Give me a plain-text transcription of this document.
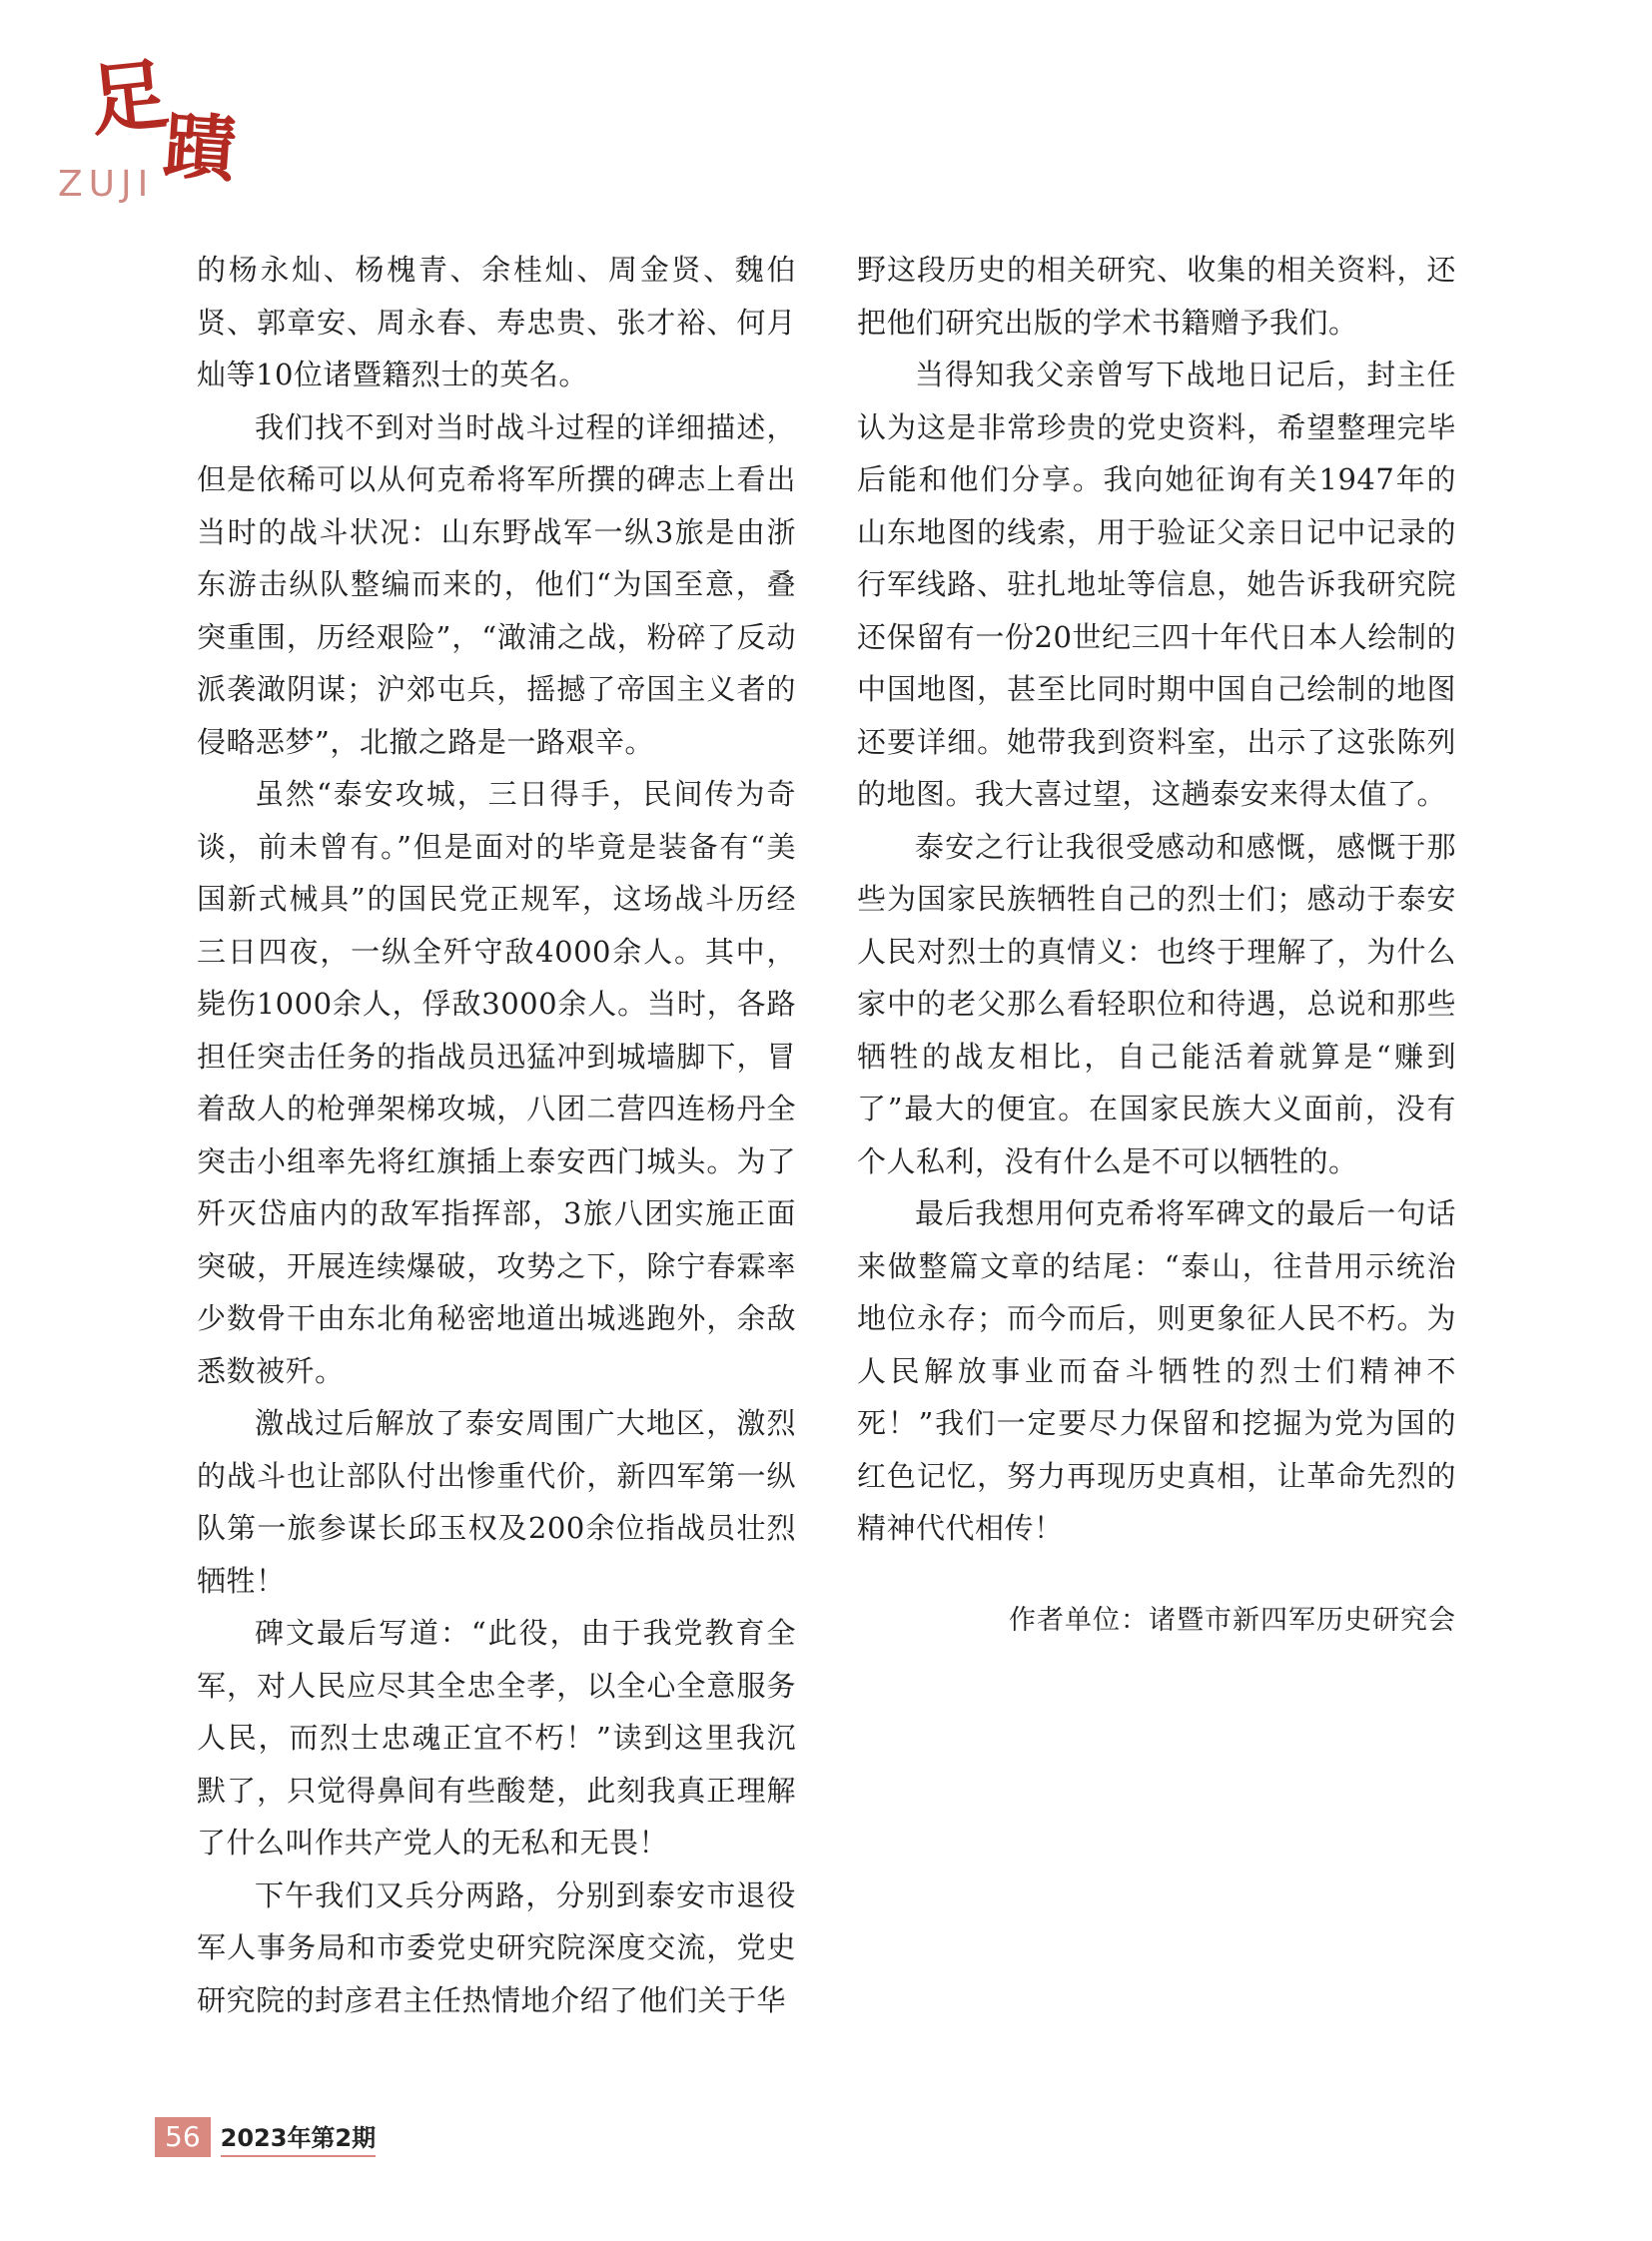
足
蹟
ZUJI

的杨永灿、杨槐青、余桂灿、周金贤、魏伯贤、郭章安、周永春、寿忠贵、张才裕、何月灿等10位诸暨籍烈士的英名。

我们找不到对当时战斗过程的详细描述，但是依稀可以从何克希将军所撰的碑志上看出当时的战斗状况：山东野战军一纵3旅是由浙东游击纵队整编而来的，他们“为国至意，叠突重围，历经艰险”，“澉浦之战，粉碎了反动派袭澉阴谋；沪郊屯兵，摇撼了帝国主义者的侵略恶梦”，北撤之路是一路艰辛。

虽然“泰安攻城，三日得手，民间传为奇谈，前未曾有。”但是面对的毕竟是装备有“美国新式械具”的国民党正规军，这场战斗历经三日四夜，一纵全歼守敌4000余人。其中，毙伤1000余人，俘敌3000余人。当时，各路担任突击任务的指战员迅猛冲到城墙脚下，冒着敌人的枪弹架梯攻城，八团二营四连杨丹全突击小组率先将红旗插上泰安西门城头。为了歼灭岱庙内的敌军指挥部，3旅八团实施正面突破，开展连续爆破，攻势之下，除宁春霖率少数骨干由东北角秘密地道出城逃跑外，余敌悉数被歼。

激战过后解放了泰安周围广大地区，激烈的战斗也让部队付出惨重代价，新四军第一纵队第一旅参谋长邱玉权及200余位指战员壮烈牺牲！

碑文最后写道：“此役，由于我党教育全军，对人民应尽其全忠全孝，以全心全意服务人民，而烈士忠魂正宜不朽！”读到这里我沉默了，只觉得鼻间有些酸楚，此刻我真正理解了什么叫作共产党人的无私和无畏！

下午我们又兵分两路，分别到泰安市退役军人事务局和市委党史研究院深度交流，党史研究院的封彦君主任热情地介绍了他们关于华

野这段历史的相关研究、收集的相关资料，还把他们研究出版的学术书籍赠予我们。

当得知我父亲曾写下战地日记后，封主任认为这是非常珍贵的党史资料，希望整理完毕后能和他们分享。我向她征询有关1947年的山东地图的线索，用于验证父亲日记中记录的行军线路、驻扎地址等信息，她告诉我研究院还保留有一份20世纪三四十年代日本人绘制的中国地图，甚至比同时期中国自己绘制的地图还要详细。她带我到资料室，出示了这张陈列的地图。我大喜过望，这趟泰安来得太值了。

泰安之行让我很受感动和感慨，感慨于那些为国家民族牺牲自己的烈士们；感动于泰安人民对烈士的真情义：也终于理解了，为什么家中的老父那么看轻职位和待遇，总说和那些牺牲的战友相比，自己能活着就算是“赚到了”最大的便宜。在国家民族大义面前，没有个人私利，没有什么是不可以牺牲的。

最后我想用何克希将军碑文的最后一句话来做整篇文章的结尾：“泰山，往昔用示统治地位永存；而今而后，则更象征人民不朽。为人民解放事业而奋斗牺牲的烈士们精神不死！”我们一定要尽力保留和挖掘为党为国的红色记忆，努力再现历史真相，让革命先烈的精神代代相传！

作者单位：诸暨市新四军历史研究会

56 2023年第2期
